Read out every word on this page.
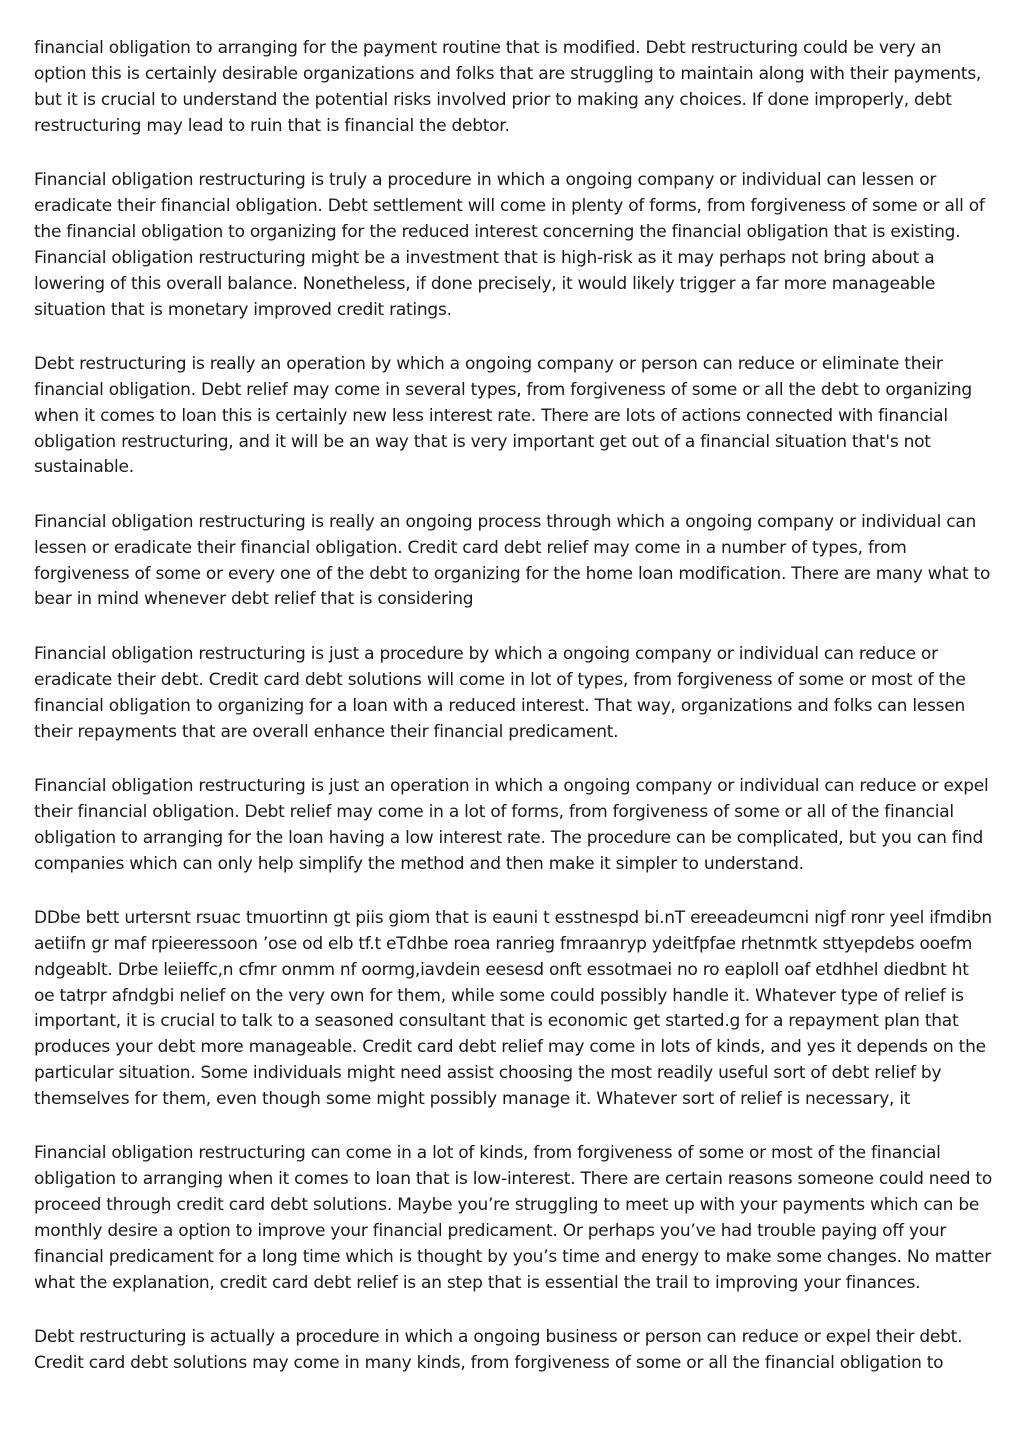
financial obligation to arranging for the payment routine that is modified. Debt restructuring could be very an option this is certainly desirable organizations and folks that are struggling to maintain along with their payments, but it is crucial to understand the potential risks involved prior to making any choices. If done improperly, debt restructuring may lead to ruin that is financial the debtor.

Financial obligation restructuring is truly a procedure in which a ongoing company or individual can lessen or eradicate their financial obligation. Debt settlement will come in plenty of forms, from forgiveness of some or all of the financial obligation to organizing for the reduced interest concerning the financial obligation that is existing. Financial obligation restructuring might be a investment that is high-risk as it may perhaps not bring about a lowering of this overall balance. Nonetheless, if done precisely, it would likely trigger a far more manageable situation that is monetary improved credit ratings.

Debt restructuring is really an operation by which a ongoing company or person can reduce or eliminate their financial obligation. Debt relief may come in several types, from forgiveness of some or all the debt to organizing when it comes to loan this is certainly new less interest rate. There are lots of actions connected with financial obligation restructuring, and it will be an way that is very important get out of a financial situation that's not sustainable.

Financial obligation restructuring is really an ongoing process through which a ongoing company or individual can lessen or eradicate their financial obligation. Credit card debt relief may come in a number of types, from forgiveness of some or every one of the debt to organizing for the home loan modification. There are many what to bear in mind whenever debt relief that is considering

Financial obligation restructuring is just a procedure by which a ongoing company or individual can reduce or eradicate their debt. Credit card debt solutions will come in lot of types, from forgiveness of some or most of the financial obligation to organizing for a loan with a reduced interest. That way, organizations and folks can lessen their repayments that are overall enhance their financial predicament.

Financial obligation restructuring is just an operation in which a ongoing company or individual can reduce or expel their financial obligation. Debt relief may come in a lot of forms, from forgiveness of some or all of the financial obligation to arranging for the loan having a low interest rate. The procedure can be complicated, but you can find companies which can only help simplify the method and then make it simpler to understand.

DDbe bett urtersnt rsuac tmuortinn gt piis giom that is eauni t esstnespd bi.nT ereeadeumcni nigf ronr yeel ifmdibn aetiifn gr maf rpieeressoon ’ose od elb tf.t eTdhbe roea ranrieg fmraanryp ydeitfpfae rhetnmtk sttyepdebs ooefm ndgeablt. Drbe leiieffc,n cfmr onmm nf oormg,iavdein eesesd onft essotmaei no ro eaploll oaf etdhhel diedbnt ht oe tatrpr afndgbi nelief on the very own for them, while some could possibly handle it. Whatever type of relief is important, it is crucial to talk to a seasoned consultant that is economic get started.g for a repayment plan that produces your debt more manageable. Credit card debt relief may come in lots of kinds, and yes it depends on the particular situation. Some individuals might need assist choosing the most readily useful sort of debt relief by themselves for them, even though some might possibly manage it. Whatever sort of relief is necessary, it

Financial obligation restructuring can come in a lot of kinds, from forgiveness of some or most of the financial obligation to arranging when it comes to loan that is low-interest. There are certain reasons someone could need to proceed through credit card debt solutions. Maybe you’re struggling to meet up with your payments which can be monthly desire a option to improve your financial predicament. Or perhaps you’ve had trouble paying off your financial predicament for a long time which is thought by you’s time and energy to make some changes. No matter what the explanation, credit card debt relief is an step that is essential the trail to improving your finances.

Debt restructuring is actually a procedure in which a ongoing business or person can reduce or expel their debt. Credit card debt solutions may come in many kinds, from forgiveness of some or all the financial obligation to
